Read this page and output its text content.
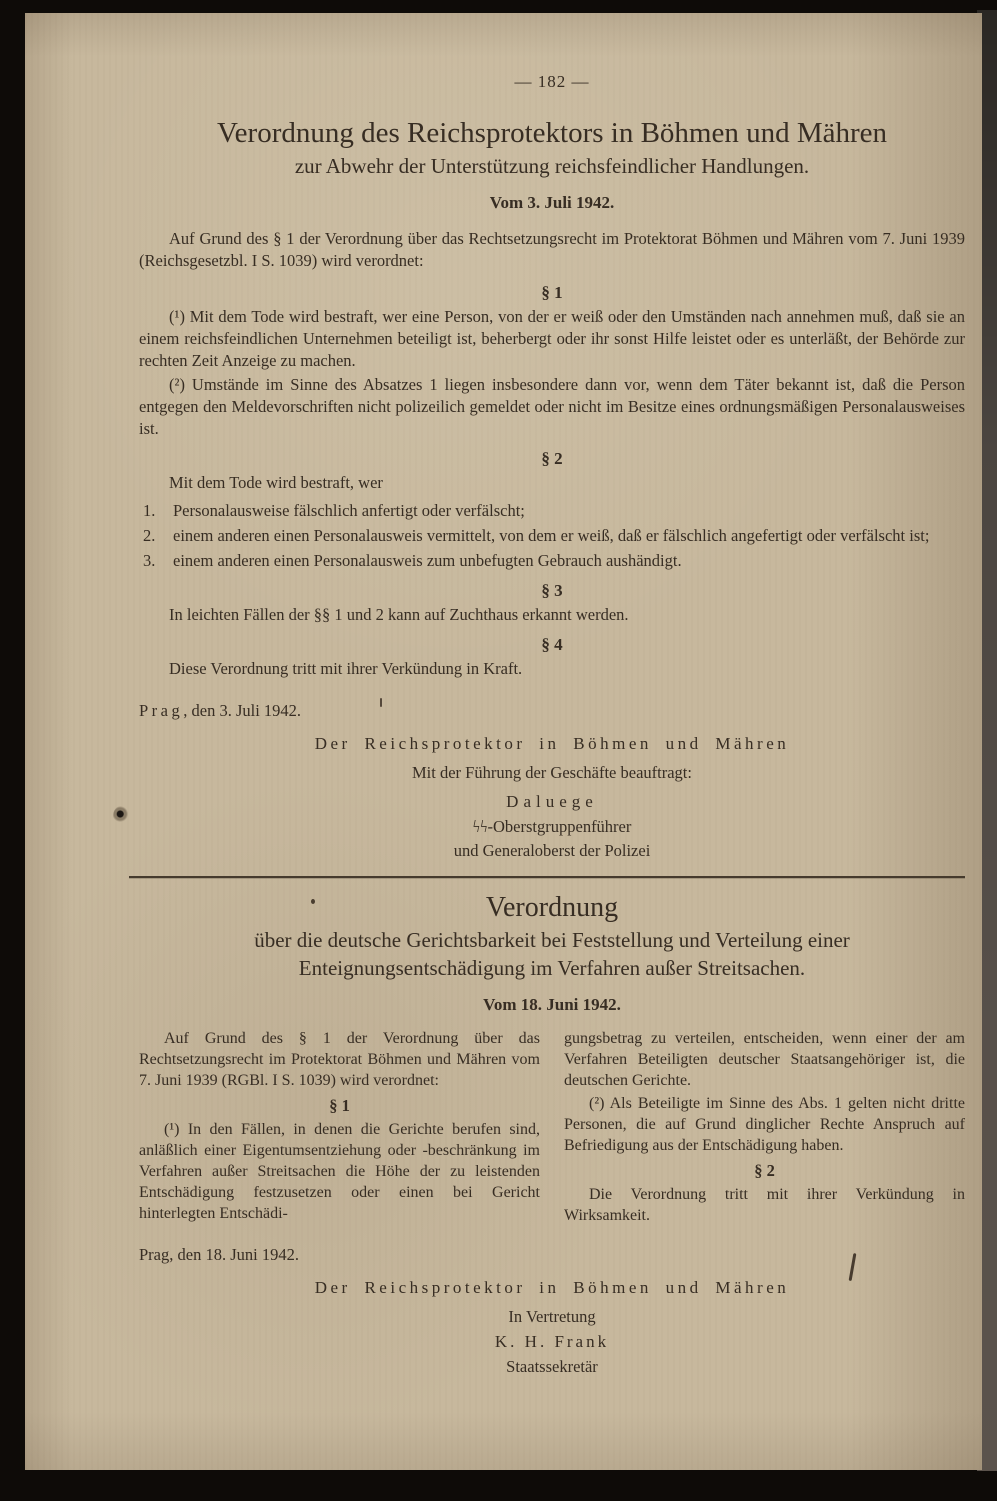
— 182 —
Verordnung des Reichsprotektors in Böhmen und Mähren
zur Abwehr der Unterstützung reichsfeindlicher Handlungen.
Vom 3. Juli 1942.

Auf Grund des § 1 der Verordnung über das Rechtsetzungsrecht im Protektorat Böhmen und Mähren vom 7. Juni 1939 (Reichsgesetzbl. I S. 1039) wird verordnet:

§ 1

(¹) Mit dem Tode wird bestraft, wer eine Person, von der er weiß oder den Umständen nach annehmen muß, daß sie an einem reichsfeindlichen Unternehmen beteiligt ist, beherbergt oder ihr sonst Hilfe leistet oder es unterläßt, der Behörde zur rechten Zeit Anzeige zu machen.

(²) Umstände im Sinne des Absatzes 1 liegen insbesondere dann vor, wenn dem Täter bekannt ist, daß die Person entgegen den Meldevorschriften nicht polizeilich gemeldet oder nicht im Besitze eines ordnungsmäßigen Personalausweises ist.

§ 2

Mit dem Tode wird bestraft, wer

1.	Personalausweise fälschlich anfertigt oder verfälscht;
2.	einem anderen einen Personalausweis vermittelt, von dem er weiß, daß er fälschlich angefertigt oder verfälscht ist;
3.	einem anderen einen Personalausweis zum unbefugten Gebrauch aushändigt.
§ 3

In leichten Fällen der §§ 1 und 2 kann auf Zuchthaus erkannt werden.

§ 4

Diese Verordnung tritt mit ihrer Verkündung in Kraft.

Prag, den 3. Juli 1942.
Der Reichsprotektor in Böhmen und Mähren
Mit der Führung der Geschäfte beauftragt:
Daluege
ϟϟ-Oberstgruppenführer
und Generaloberst der Polizei
Verordnung
über die deutsche Gerichtsbarkeit bei Feststellung und Verteilung einer Enteignungsentschädigung im Verfahren außer Streitsachen.
Vom 18. Juni 1942.

Auf Grund des § 1 der Verordnung über das Rechtsetzungsrecht im Protektorat Böhmen und Mähren vom 7. Juni 1939 (RGBl. I S. 1039) wird verordnet:

§ 1

(¹) In den Fällen, in denen die Gerichte berufen sind, anläßlich einer Eigentumsentziehung oder -beschränkung im Verfahren außer Streitsachen die Höhe der zu leistenden Entschädigung festzusetzen oder einen bei Gericht hinterlegten Entschädi-

gungsbetrag zu verteilen, entscheiden, wenn einer der am Verfahren Beteiligten deutscher Staatsangehöriger ist, die deutschen Gerichte.

(²) Als Beteiligte im Sinne des Abs. 1 gelten nicht dritte Personen, die auf Grund dinglicher Rechte Anspruch auf Befriedigung aus der Entschädigung haben.

§ 2

Die Verordnung tritt mit ihrer Verkündung in Wirksamkeit.

Prag, den 18. Juni 1942.
Der Reichsprotektor in Böhmen und Mähren
In Vertretung
K. H. Frank
Staatssekretär
